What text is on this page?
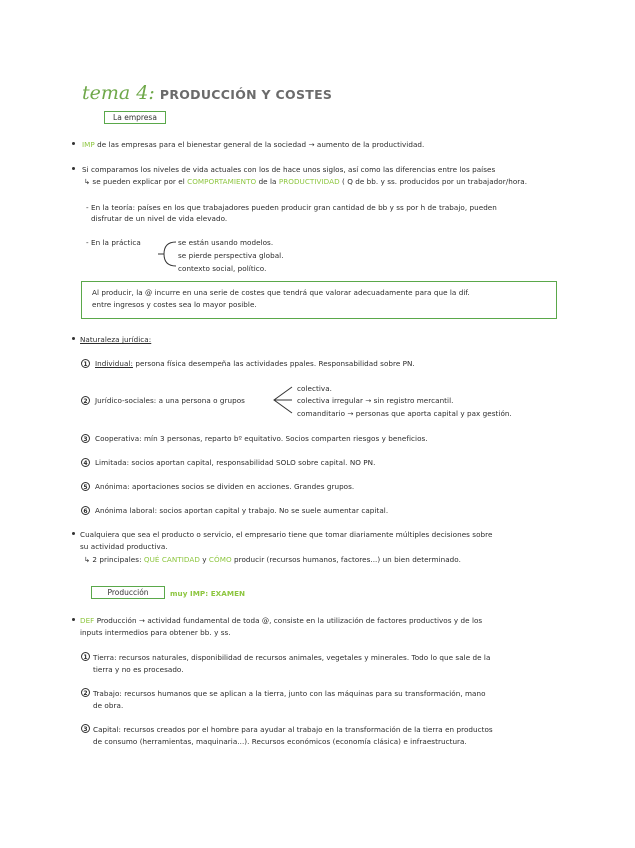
tema 4: PRODUCCIÓN Y COSTES
La empresa
IMP de las empresas para el bienestar general de la sociedad → aumento de la productividad.
Si comparamos los niveles de vida actuales con los de hace unos siglos, así como las diferencias entre los países
↳ se pueden explicar por el COMPORTAMIENTO de la PRODUCTIVIDAD ( Q de bb. y ss. producidos por un trabajador/hora.
- En la teoría: países en los que trabajadores pueden producir gran cantidad de bb y ss por h de trabajo, pueden
disfrutar de un nivel de vida elevado.
- En la práctica	se están usando modelos.
se pierde perspectiva global.
contexto social, político.
Al producir, la @ incurre en una serie de costes que tendrá que valorar adecuadamente para que la dif.
entre ingresos y costes sea lo mayor posible.
Naturaleza jurídica:
1	Individual: persona física desempeña las actividades ppales. Responsabilidad sobre PN.
2	Jurídico-sociales: a una persona o grupos
colectiva.
colectiva irregular → sin registro mercantil.
comanditario → personas que aporta capital y pax gestión.
3	Cooperativa: mín 3 personas, reparto bº equitativo. Socios comparten riesgos y beneficios.
4	Limitada: socios aportan capital, responsabilidad SOLO sobre capital. NO PN.
5	Anónima: aportaciones socios se dividen en acciones. Grandes grupos.
6	Anónima laboral: socios aportan capital y trabajo. No se suele aumentar capital.
Cualquiera que sea el producto o servicio, el empresario tiene que tomar diariamente múltiples decisiones sobre
su actividad productiva.
↳ 2 principales: QUÉ CANTIDAD y CÓMO producir (recursos humanos, factores...) un bien determinado.
Producción	muy IMP: EXAMEN
DEF Producción → actividad fundamental de toda @, consiste en la utilización de factores productivos y de los
inputs intermedios para obtener bb. y ss.
1 Tierra: recursos naturales, disponibilidad de recursos animales, vegetales y minerales. Todo lo que sale de la
tierra y no es procesado.
2 Trabajo: recursos humanos que se aplican a la tierra, junto con las máquinas para su transformación, mano
de obra.
3 Capital: recursos creados por el hombre para ayudar al trabajo en la transformación de la tierra en productos
de consumo (herramientas, maquinaria...). Recursos económicos (economía clásica) e infraestructura.
